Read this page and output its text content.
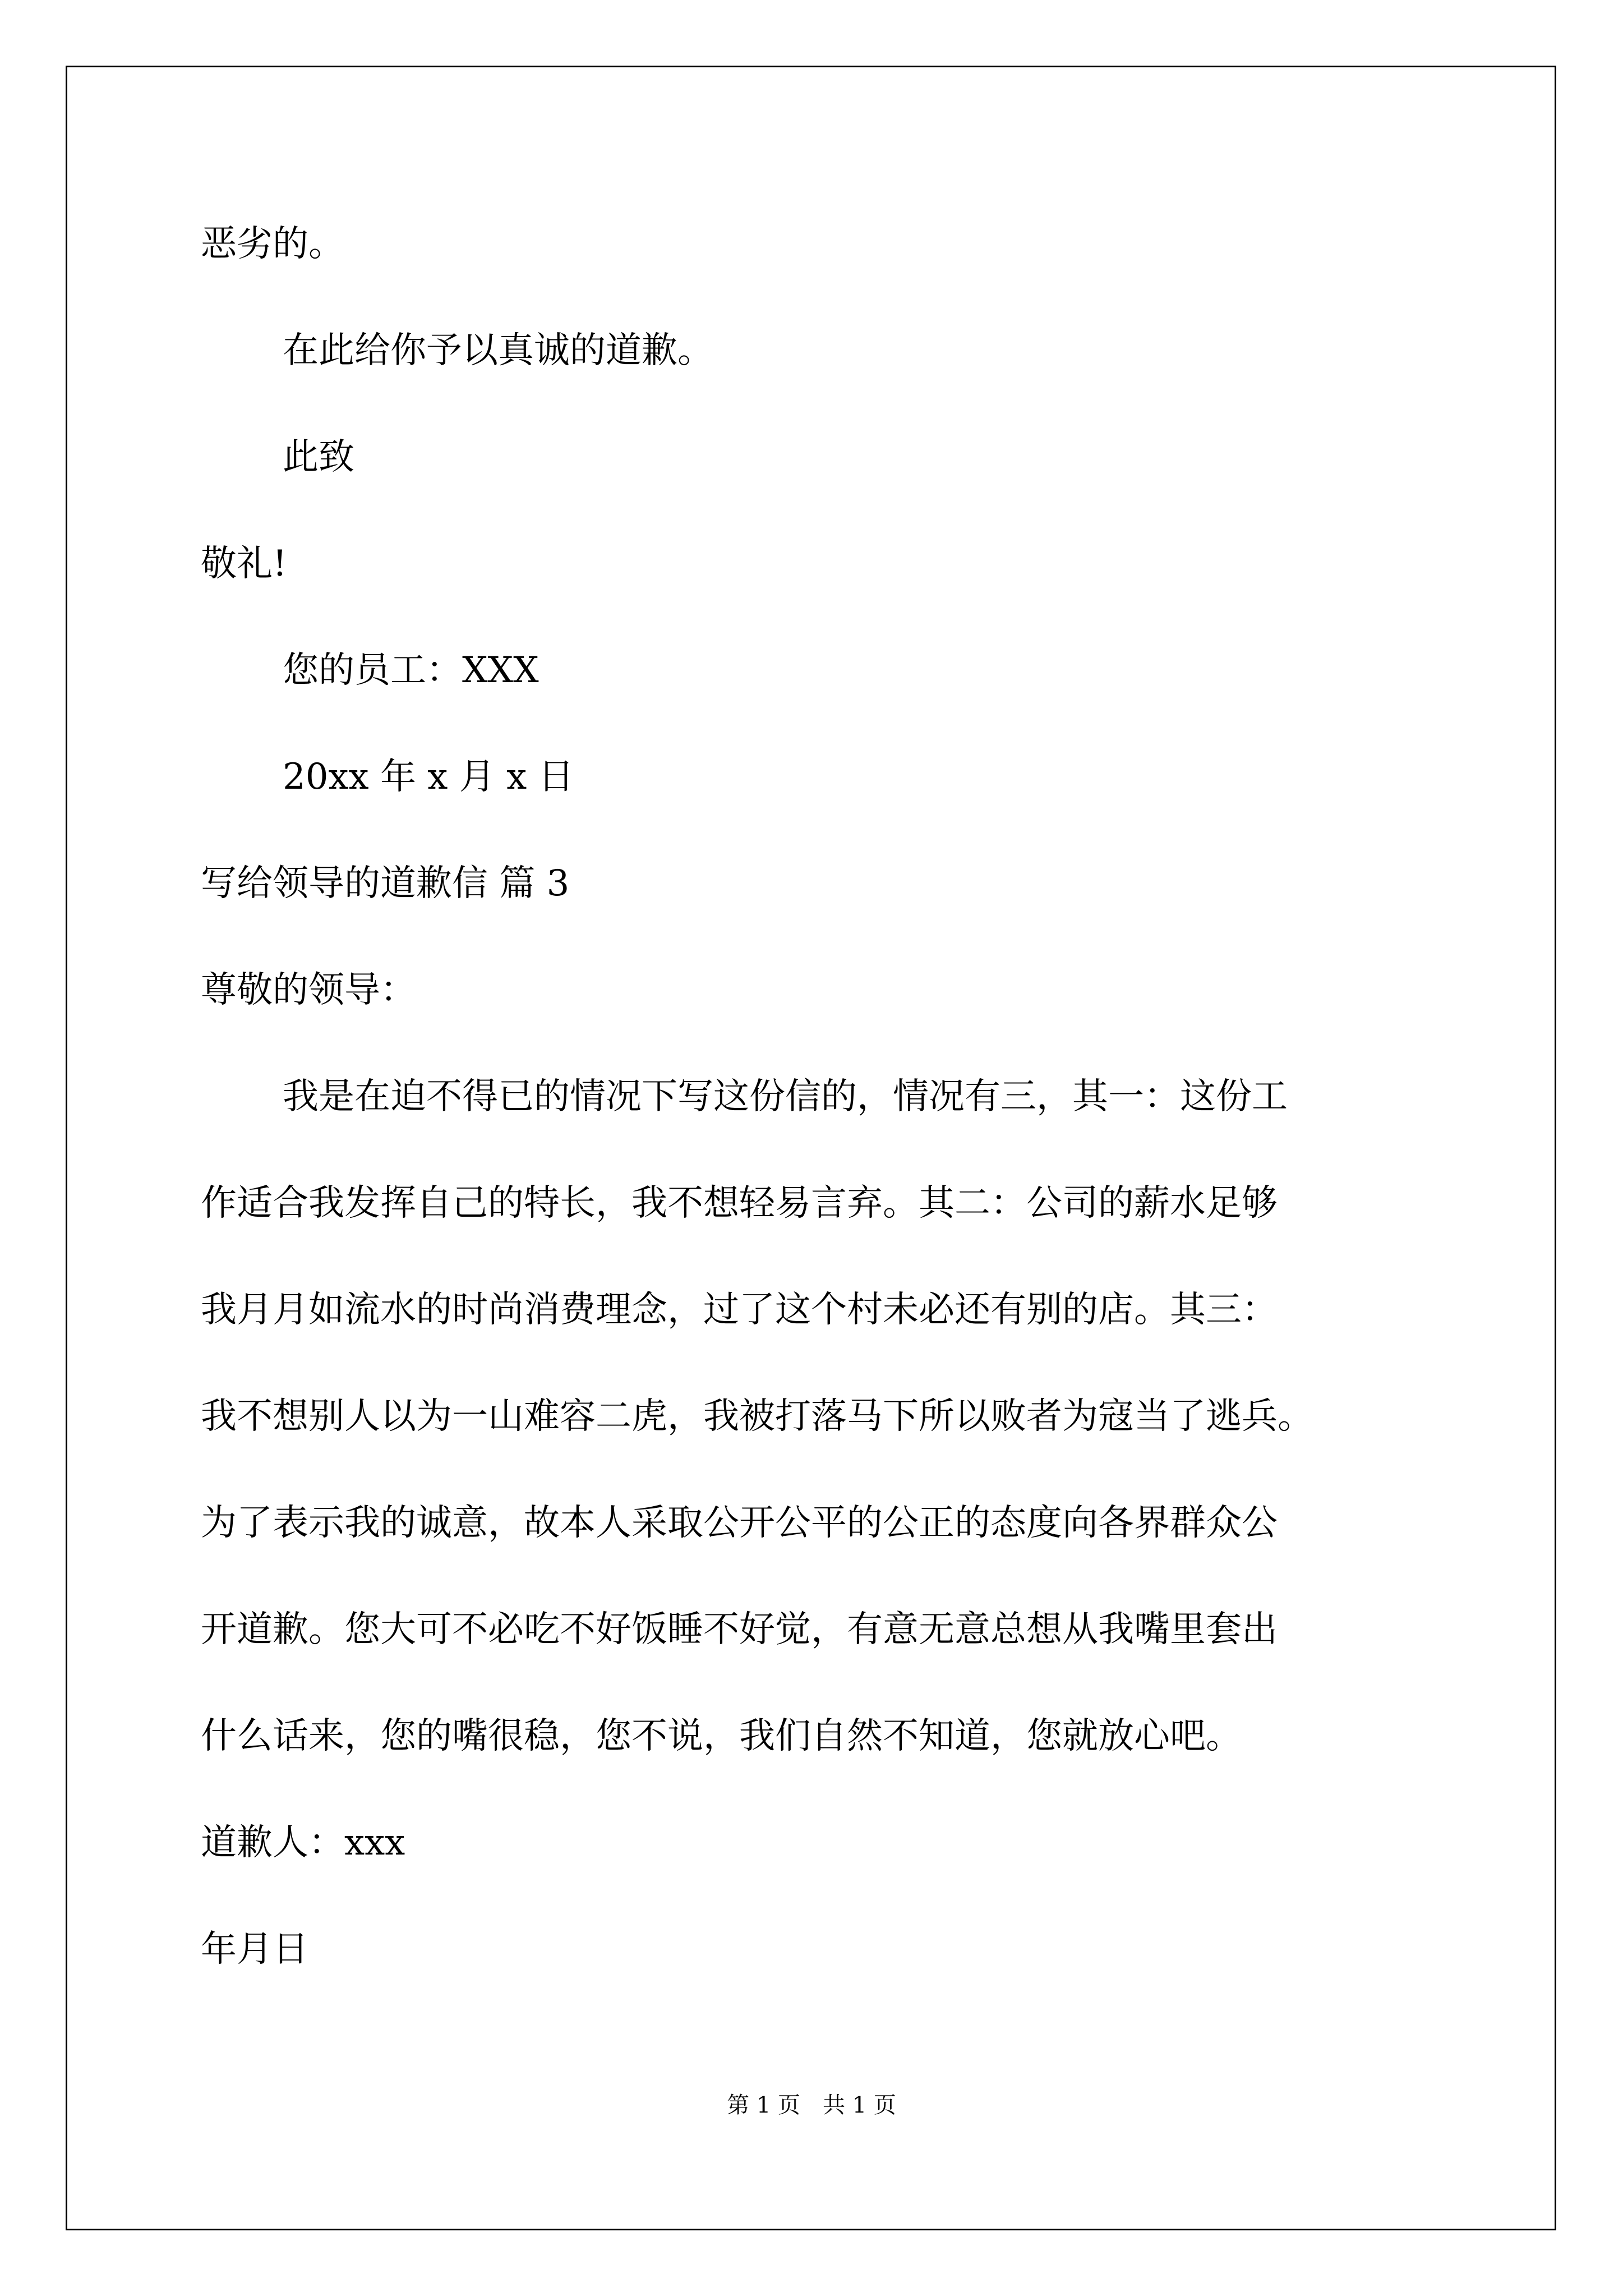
恶劣的。

在此给你予以真诚的道歉。

此致

敬礼!

您的员工：XXX

20xx 年 x 月 x 日

写给领导的道歉信 篇 3

尊敬的领导：

我是在迫不得已的情况下写这份信的，情况有三，其一：这份工

作适合我发挥自己的特长，我不想轻易言弃。其二：公司的薪水足够

我月月如流水的时尚消费理念，过了这个村未必还有别的店。其三：

我不想别人以为一山难容二虎，我被打落马下所以败者为寇当了逃兵。

为了表示我的诚意，故本人采取公开公平的公正的态度向各界群众公

开道歉。您大可不必吃不好饭睡不好觉，有意无意总想从我嘴里套出

什么话来，您的嘴很稳，您不说，我们自然不知道，您就放心吧。

道歉人：xxx

年月日

第 1 页　共 1 页
